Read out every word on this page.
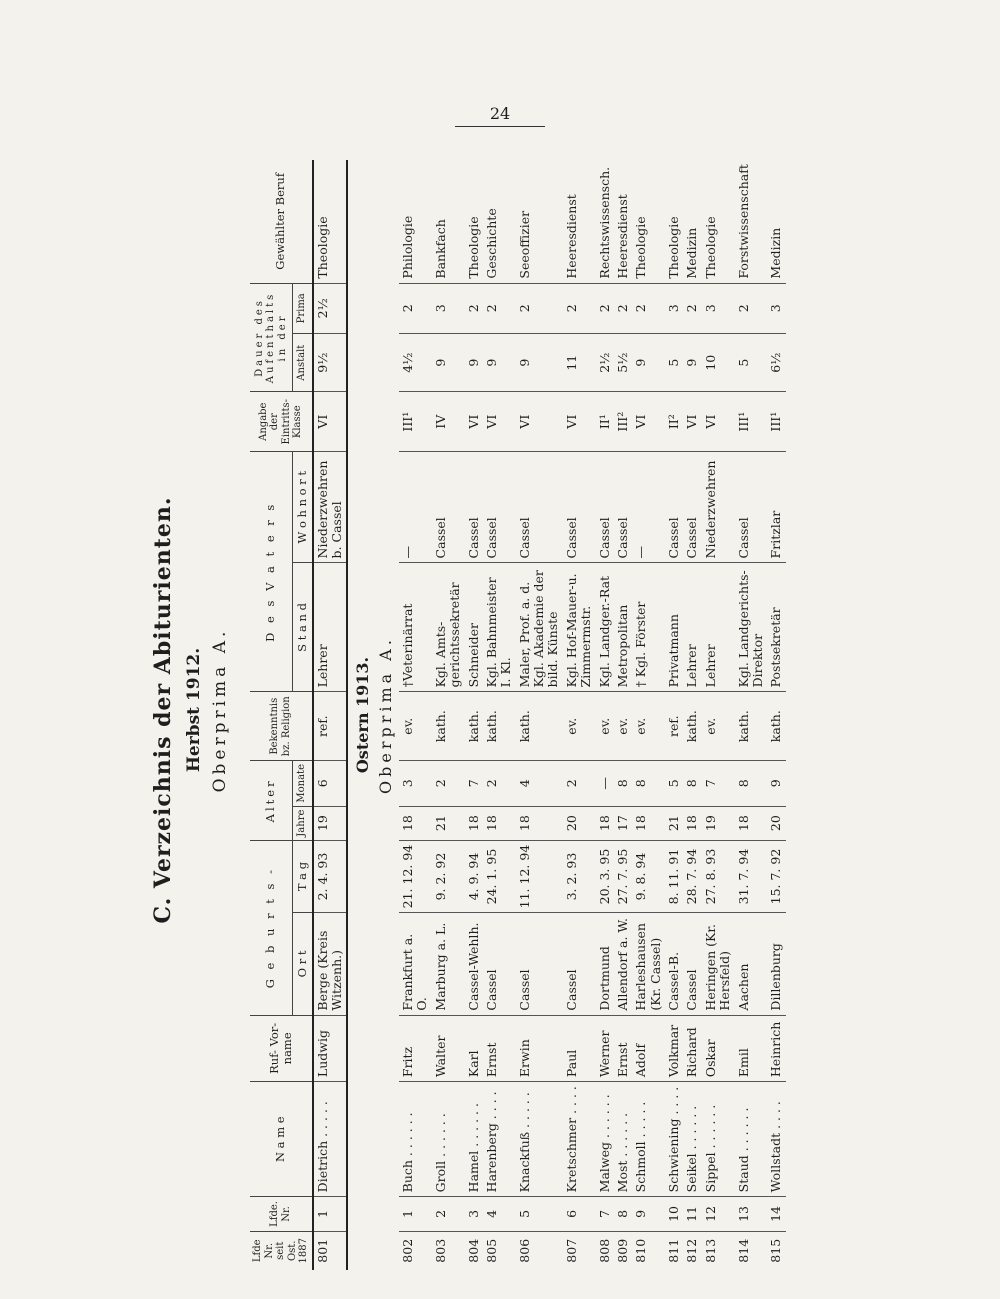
24
C. Verzeichnis der Abiturienten. Herbst 1912. Oberprima A.
Lfde Nr. seit Ost. 1887	Lfde. Nr.	N a m e	Ruf- Vor- name	G e b u r t s -		Alter		Bekenntnis bz. Religion	D e s V a t e r s		Angabe der Eintritts- Klasse	Dauer des Aufenthalts in der		Gewählter Beruf
				O r t	T a g	Jahre	Monate		S t a n d	W o h n o r t		Anstalt	Prima	
801	1	Dietrich . . . . .	Ludwig	Berge (Kreis Witzenh.)	2. 4. 93	19	6	ref.	Lehrer	Niederzwehren b. Cassel	VI	9½	2½	Theologie

Ostern 1913. Oberprima A.														

802	1	Buch . . . . . .	Fritz	Frankfurt a. O.	21. 12. 94	18	3	ev.	†Veterinärrat	—	III¹	4½	2	Philologie
803	2	Groll . . . . . .	Walter	Marburg a. L.	9. 2. 92	21	2	kath.	Kgl. Amts-gerichtssekretär	Cassel	IV	9	3	Bankfach
804	3	Hamel . . . . . .	Karl	Cassel-Wehlh.	4. 9. 94	18	7	kath.	Schneider	Cassel	VI	9	2	Theologie
805	4	Harenberg . . . .	Ernst	Cassel	24. 1. 95	18	2	kath.	Kgl. Bahnmeister I. Kl.	Cassel	VI	9	2	Geschichte
806	5	Knackfuß . . . . .	Erwin	Cassel	11. 12. 94	18	4	kath.	Maler, Prof. a. d. Kgl. Akademie der bild. Künste	Cassel	VI	9	2	Seeoffizier
807	6	Kretschmer . . . .	Paul	Cassel	3. 2. 93	20	2	ev.	Kgl. Hof-Mauer-u. Zimmermstr.	Cassel	VI	11	2	Heeresdienst
808	7	Malweg . . . . . .	Werner	Dortmund	20. 3. 95	18	—	ev.	Kgl. Landger.-Rat	Cassel	II¹	2½	2	Rechtswissensch.
809	8	Most . . . . . .	Ernst	Allendorf a. W.	27. 7. 95	17	8	ev.	Metropolitan	Cassel	III²	5½	2	Heeresdienst
810	9	Schmoll . . . . .	Adolf	Harleshausen (Kr. Cassel)	9. 8. 94	18	8	ev.	† Kgl. Förster	—	VI	9	2	Theologie
811	10	Schwiening . . . .	Volkmar	Cassel-B.	8. 11. 91	21	5	ref.	Privatmann	Cassel	II²	5	3	Theologie
812	11	Seikel . . . . . .	Richard	Cassel	28. 7. 94	18	8	kath.	Lehrer	Cassel	VI	9	2	Medizin
813	12	Sippel . . . . . .	Oskar	Heringen (Kr. Hersfeld)	27. 8. 93	19	7	ev.	Lehrer	Niederzwehren	VI	10	3	Theologie
814	13	Staud . . . . . .	Emil	Aachen	31. 7. 94	18	8	kath.	Kgl. Landgerichts-Direktor	Cassel	III¹	5	2	Forstwissenschaft
815	14	Wollstadt . . . .	Heinrich	Dillenburg	15. 7. 92	20	9	kath.	Postsekretär	Fritzlar	III¹	6½	3	Medizin
